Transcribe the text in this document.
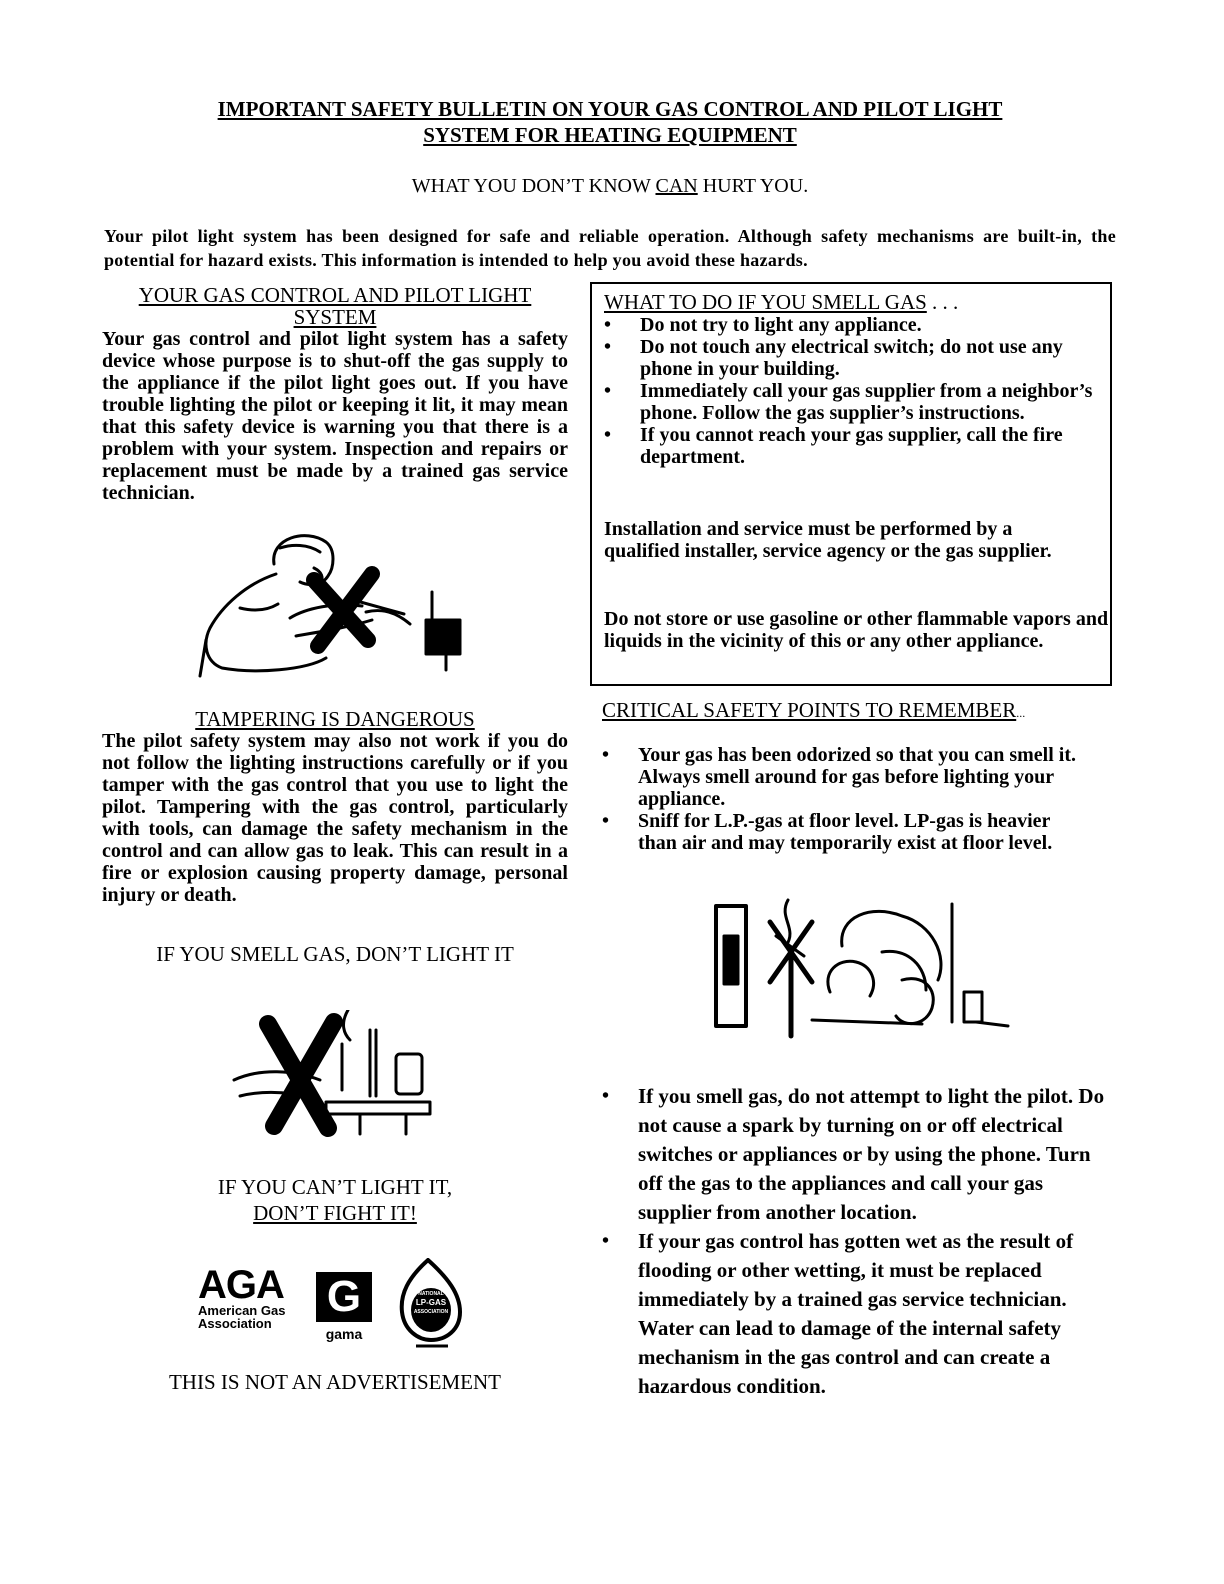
IMPORTANT SAFETY BULLETIN ON YOUR GAS CONTROL AND PILOT LIGHT
SYSTEM FOR HEATING EQUIPMENT
WHAT YOU DON’T KNOW CAN HURT YOU.
Your pilot light system has been designed for safe and reliable operation. Although safety mechanisms are built-in, the potential for hazard exists. This information is intended to help you avoid these hazards.
YOUR GAS CONTROL AND PILOT LIGHT
SYSTEM
Your gas control and pilot light system has a safety device whose purpose is to shut-off the gas supply to the appliance if the pilot light goes out. If you have trouble lighting the pilot or keeping it lit, it may mean that this safety device is warning you that there is a problem with your system. Inspection and repairs or replacement must be made by a trained gas service technician.
TAMPERING IS DANGEROUS
The pilot safety system may also not work if you do not follow the lighting instructions carefully or if you tamper with the gas control that you use to light the pilot. Tampering with the gas control, particularly with tools, can damage the safety mechanism in the control and can allow gas to leak. This can result in a fire or explosion causing property damage, personal injury or death.
IF YOU SMELL GAS, DON’T LIGHT IT
IF YOU CAN’T LIGHT IT,
DON’T FIGHT IT!
AGA
American Gas
Association
G
gama
NATIONAL
LP-GAS
ASSOCIATION
THIS IS NOT AN ADVERTISEMENT
WHAT TO DO IF YOU SMELL GAS . . .
• Do not try to light any appliance.
• Do not touch any electrical switch; do not use any phone in your building.
• Immediately call your gas supplier from a neighbor’s phone. Follow the gas supplier’s instructions.
• If you cannot reach your gas supplier, call the fire department.
Installation and service must be performed by a qualified installer, service agency or the gas supplier.
Do not store or use gasoline or other flammable vapors and liquids in the vicinity of this or any other appliance.
CRITICAL SAFETY POINTS TO REMEMBER...
• Your gas has been odorized so that you can smell it. Always smell around for gas before lighting your appliance.
• Sniff for L.P.-gas at floor level. LP-gas is heavier than air and may temporarily exist at floor level.
• If you smell gas, do not attempt to light the pilot. Do not cause a spark by turning on or off electrical switches or appliances or by using the phone. Turn off the gas to the appliances and call your gas supplier from another location.
• If your gas control has gotten wet as the result of flooding or other wetting, it must be replaced immediately by a trained gas service technician. Water can lead to damage of the internal safety mechanism in the gas control and can create a hazardous condition.
